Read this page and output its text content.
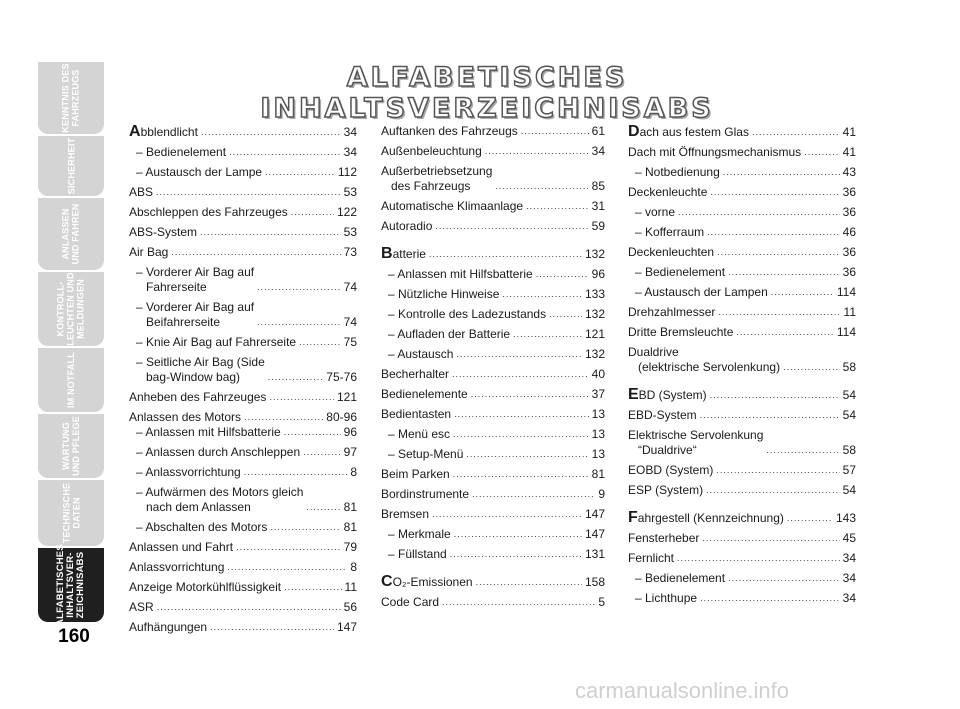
KENNTNIS DES
FAHRZEUGS
SICHERHEIT
ANLASSEN
UND FAHREN
KONTROLL-
LEUCHTEN UND
MELDUNGEN
IM NOTFALL
WARTUNG
UND PFLEGE
TECHNISCHE
DATEN
ALFABETISCHES
INHALTSVER-
ZEICHNISABS
160
ALFABETISCHES INHALTSVERZEICHNISABS
Abblendlicht .....	34
– Bedienelement .....	34
– Austausch der Lampe .....	112
ABS .....	53
Abschleppen des Fahrzeuges .....	122
ABS-System .....	53
Air Bag .....	73
– Vorderer Air Bag auf
Fahrerseite .....	74
– Vorderer Air Bag auf
Beifahrerseite .....	74
– Knie Air Bag auf Fahrerseite .....	75
– Seitliche Air Bag (Side
bag-Window bag) .....	75-76
Anheben des Fahrzeuges .....	121
Anlassen des Motors .....	80-96
– Anlassen mit Hilfsbatterie .....	96
– Anlassen durch Anschleppen .....	97
– Anlassvorrichtung .....	8
– Aufwärmen des Motors gleich
nach dem Anlassen .....	81
– Abschalten des Motors .....	81
Anlassen und Fahrt .....	79
Anlassvorrichtung .....	8
Anzeige Motorkühlflüssigkeit .....	11
ASR .....	56
Aufhängungen .....	147
Auftanken des Fahrzeugs .....	61
Außenbeleuchtung .....	34
Außerbetriebsetzung
des Fahrzeugs .....	85
Automatische Klimaanlage .....	31
Autoradio .....	59
Batterie .....	132
– Anlassen mit Hilfsbatterie .....	96
– Nützliche Hinweise .....	133
– Kontrolle des Ladezustands .....	132
– Aufladen der Batterie .....	121
– Austausch .....	132
Becherhalter .....	40
Bedienelemente .....	37
Bedientasten .....	13
– Menü esc .....	13
– Setup-Menü .....	13
Beim Parken .....	81
Bordinstrumente .....	9
Bremsen .....	147
– Merkmale .....	147
– Füllstand .....	131
CO₂-Emissionen .....	158
Code Card .....	5
Dach aus festem Glas .....	41
Dach mit Öffnungsmechanismus .....	41
– Notbedienung .....	43
Deckenleuchte .....	36
– vorne .....	36
– Kofferraum .....	46
Deckenleuchten .....	36
– Bedienelement .....	36
– Austausch der Lampen .....	114
Drehzahlmesser .....	11
Dritte Bremsleuchte .....	114
Dualdrive
(elektrische Servolenkung) .....	58
EBD (System) .....	54
EBD-System .....	54
Elektrische Servolenkung
“Dualdrive“ .....	58
EOBD (System) .....	57
ESP (System) .....	54
Fahrgestell (Kennzeichnung) .....	143
Fensterheber .....	45
Fernlicht .....	34
– Bedienelement .....	34
– Lichthupe .....	34
carmanualsonline.info
